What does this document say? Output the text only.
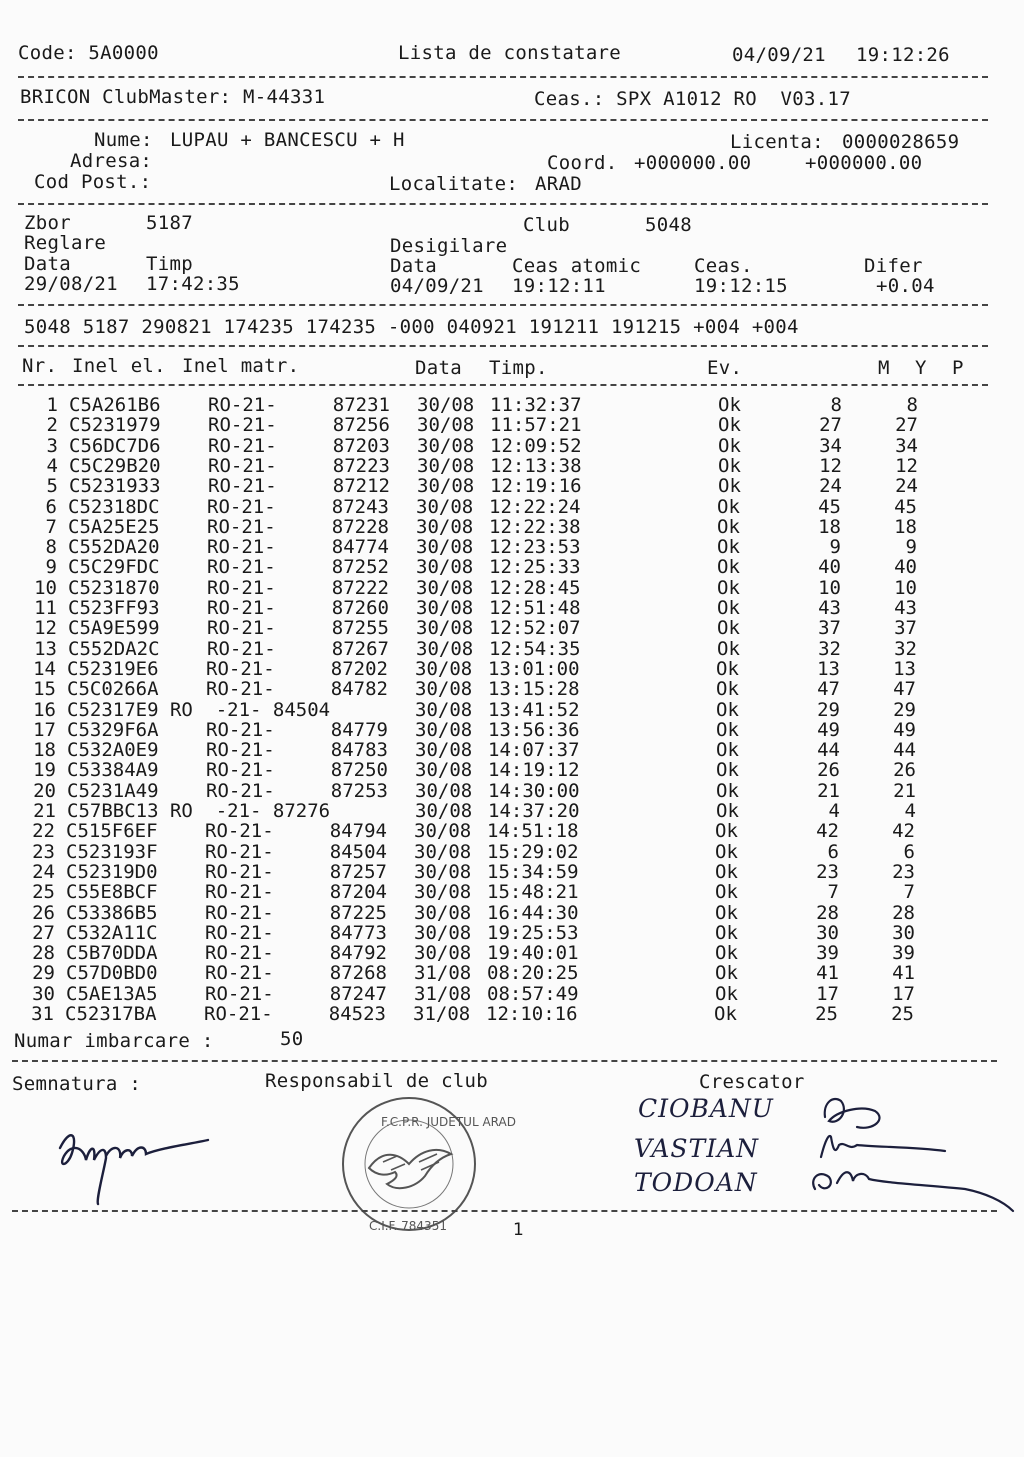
Code: 5A0000	Lista de constatare	04/09/21 19:12:26
BRICON ClubMaster: M-44331	Ceas.: SPX A1012 RO  V03.17
Nume: LUPAU + BANCESCU + H	Licenta: 0000028659
Adresa:	Coord. +000000.00	+000000.00
Cod Post.:	Localitate: ARAD
Zbor	5187	Club	5048
Reglare	Desigilare
Data	Timp	Data	Ceas atomic	Ceas.	Difer
29/08/21 17:42:35	04/09/21 19:12:11	19:12:15	+0.04
5048 5187 290821 174235 174235 -000 040921 191211 191215 +004 +004
Nr. Inel el. Inel matr.	Data Timp.	Ev.	M Y P
1 C5A261B6 RO-21-	87231 30/08 11:32:37	Ok	8	8
2 C5231979 RO-21-	87256 30/08 11:57:21	Ok	27	27
3 C56DC7D6 RO-21-	87203 30/08 12:09:52	Ok	34	34
4 C5C29B20 RO-21-	87223 30/08 12:13:38	Ok	12	12
5 C5231933 RO-21-	87212 30/08 12:19:16	Ok	24	24
6 C52318DC RO-21-	87243 30/08 12:22:24	Ok	45	45
7 C5A25E25 RO-21-	87228 30/08 12:22:38	Ok	18	18
8 C552DA20 RO-21-	84774 30/08 12:23:53	Ok	9	9
9 C5C29FDC RO-21-	87252 30/08 12:25:33	Ok	40	40
10 C5231870 RO-21-	87222 30/08 12:28:45	Ok	10	10
11 C523FF93 RO-21-	87260 30/08 12:51:48	Ok	43	43
12 C5A9E599 RO-21-	87255 30/08 12:52:07	Ok	37	37
13 C552DA2C RO-21-	87267 30/08 12:54:35	Ok	32	32
14 C52319E6 RO-21-	87202 30/08 13:01:00	Ok	13	13
15 C5C0266A RO-21-	84782 30/08 13:15:28	Ok	47	47
16 C52317E9 RO  -21- 84504	30/08 13:41:52	Ok	29	29
17 C5329F6A RO-21-	84779 30/08 13:56:36	Ok	49	49
18 C532A0E9 RO-21-	84783 30/08 14:07:37	Ok	44	44
19 C53384A9 RO-21-	87250 30/08 14:19:12	Ok	26	26
20 C5231A49 RO-21-	87253 30/08 14:30:00	Ok	21	21
21 C57BBC13 RO  -21- 87276	30/08 14:37:20	Ok	4	4
22 C515F6EF RO-21-	84794 30/08 14:51:18	Ok	42	42
23 C523193F RO-21-	84504 30/08 15:29:02	Ok	6	6
24 C52319D0 RO-21-	87257 30/08 15:34:59	Ok	23	23
25 C55E8BCF RO-21-	87204 30/08 15:48:21	Ok	7	7
26 C53386B5 RO-21-	87225 30/08 16:44:30	Ok	28	28
27 C532A11C RO-21-	84773 30/08 19:25:53	Ok	30	30
28 C5B70DDA RO-21-	84792 30/08 19:40:01	Ok	39	39
29 C57D0BD0 RO-21-	87268 31/08 08:20:25	Ok	41	41
30 C5AE13A5 RO-21-	87247 31/08 08:57:49	Ok	17	17
31 C52317BA RO-21-	84523 31/08 12:10:16	Ok	25	25
Numar imbarcare :	50
Semnatura :	Responsabil de club	Crescator
F.C.P.R. JUDETUL ARAD
C.I.F. 784351
CIOBANU
VASTIAN
TODOAN
1
